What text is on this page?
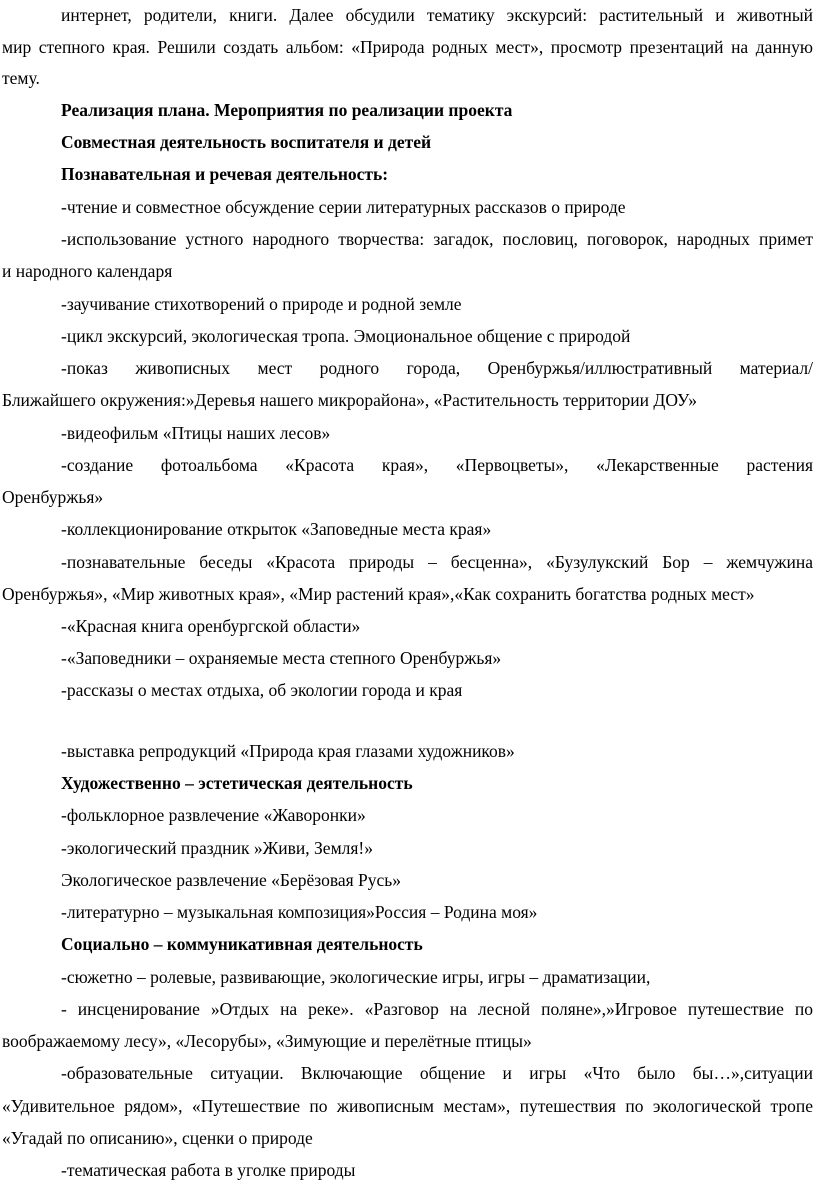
интернет, родители, книги. Далее обсудили тематику экскурсий: растительный и животный

мир степного края. Решили создать альбом: «Природа родных мест», просмотр презентаций на данную

тему.

Реализация плана. Мероприятия по реализации проекта

Совместная деятельность воспитателя и детей

Познавательная и речевая деятельность:

-чтение и совместное обсуждение серии литературных рассказов о природе

-использование устного народного творчества: загадок, пословиц, поговорок, народных примет

и народного календаря

-заучивание стихотворений о природе и родной земле

-цикл экскурсий, экологическая тропа. Эмоциональное общение с природой

-показ живописных мест родного города, Оренбуржья/иллюстративный материал/

Ближайшего окружения:»Деревья нашего микрорайона», «Растительность территории ДОУ»

-видеофильм «Птицы наших лесов»

-создание фотоальбома «Красота края», «Первоцветы», «Лекарственные растения

Оренбуржья»

-коллекционирование открыток «Заповедные места края»

-познавательные беседы «Красота природы – бесценна», «Бузулукский Бор – жемчужина

Оренбуржья», «Мир животных края», «Мир растений края»,«Как сохранить богатства родных мест»

-«Красная книга оренбургской области»

-«Заповедники – охраняемые места степного Оренбуржья»

-рассказы о местах отдыха, об экологии города и края

-выставка репродукций «Природа края глазами художников»

Художественно – эстетическая деятельность

-фольклорное развлечение «Жаворонки»

-экологический праздник »Живи, Земля!»

Экологическое развлечение «Берёзовая Русь»

-литературно – музыкальная композиция»Россия – Родина моя»

Социально – коммуникативная деятельность

-сюжетно – ролевые, развивающие, экологические игры, игры – драматизации,

- инсценирование »Отдых на реке». «Разговор на лесной поляне»,»Игровое путешествие по

воображаемому лесу», «Лесорубы», «Зимующие и перелётные птицы»

-образовательные ситуации. Включающие общение и игры «Что было бы…»,ситуации

«Удивительное рядом», «Путешествие по живописным местам», путешествия по экологической тропе

«Угадай по описанию», сценки о природе

-тематическая работа в уголке природы
